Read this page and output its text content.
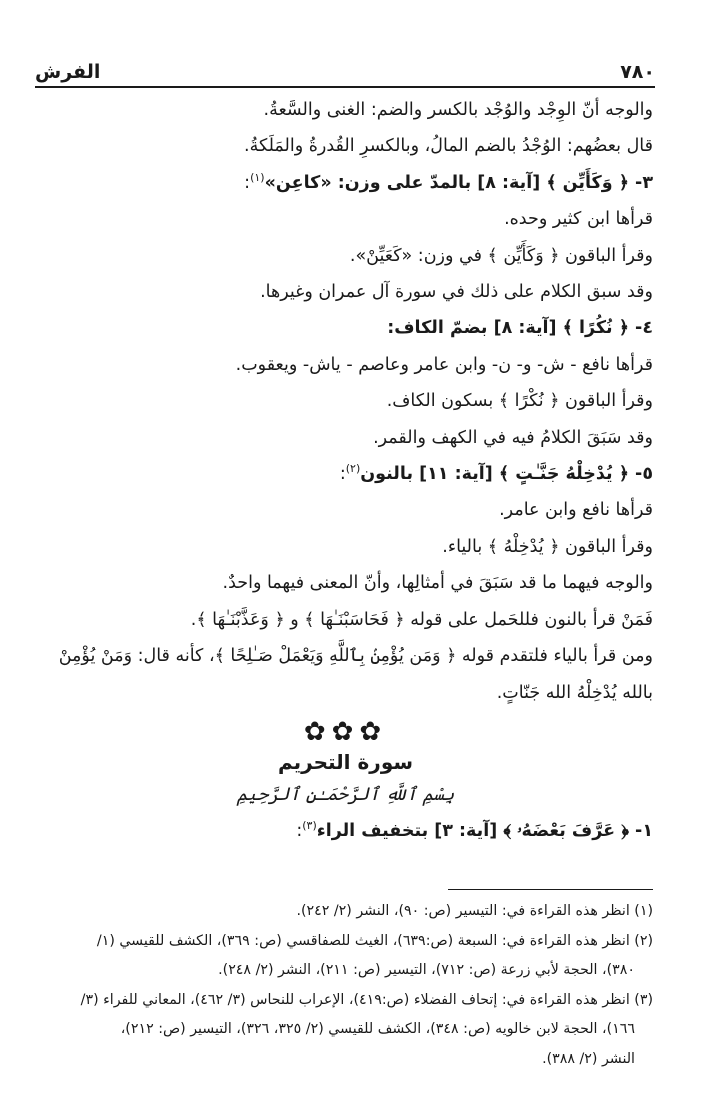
الفرش	٧٨٠

والوجه أنّ الوِجْد والوُجْد بالكسر والضم: الغنى والسَّعةُ.

قال بعضُهم: الوُجْدُ بالضم المالُ، وبالكسرِ القُدرةُ والمَلَكةُ.

٣- ﴿ وَكَأَيِّن ﴾ [آية: ٨] بالمدّ على وزن: «كاعِن»$^{(١)}$:

قرأها ابن كثير وحده.

وقرأ الباقون ﴿ وَكَأَيِّن ﴾ في وزن: «كَعَيِّنْ».

وقد سبق الكلام على ذلك في سورة آل عمران وغيرها.

٤- ﴿ نُكُرًا ﴾ [آية: ٨] بضمّ الكاف:

قرأها نافع - ش- و- ن- وابن عامر وعاصم - ياش- ويعقوب.

وقرأ الباقون ﴿ نُكْرًا ﴾ بسكون الكاف.

وقد سَبَقَ الكلامُ فيه في الكهف والقمر.

٥- ﴿ يُدْخِلْهُ جَنَّـٰتٍ ﴾ [آية: ١١] بالنون$^{(٢)}$:

قرأها نافع وابن عامر.

وقرأ الباقون ﴿ يُدْخِلْهُ ﴾ بالياء.

والوجه فيهما ما قد سَبَقَ في أمثالِها، وأنّ المعنى فيهما واحدٌ.

فَمَنْ قرأ بالنون فللحَمل على قوله ﴿ فَحَاسَبْنَـٰهَا ﴾ و ﴿ وَعَذَّبْنَـٰهَا ﴾.

ومن قرأ بالياء فلتقدم قوله ﴿ وَمَن يُؤْمِنۢ بِٱللَّهِ وَيَعْمَلْ صَـٰلِحًا ﴾، كأنه قال: وَمَنْ يُؤْمِنْ

بالله يُدْخِلْهُ الله جَنّاتٍ.

✿✿✿
سورة التحريم
بِسْمِ ٱللَّهِ ٱلرَّحْمَـٰنِ ٱلرَّحِيمِ

١- ﴿ عَرَّفَ بَعْضَهُۥ ﴾ [آية: ٣] بتخفيف الراء$^{(٣)}$:

(١) انظر هذه القراءة في: التيسير (ص: ٩٠)، النشر (٢/ ٢٤٢).

(٢) انظر هذه القراءة في: السبعة (ص:٦٣٩)، الغيث للصفاقسي (ص: ٣٦٩)، الكشف للقيسي (١/

٣٨٠)، الحجة لأبي زرعة (ص: ٧١٢)، التيسير (ص: ٢١١)، النشر (٢/ ٢٤٨).

(٣) انظر هذه القراءة في: إتحاف الفضلاء (ص:٤١٩)، الإعراب للنحاس (٣/ ٤٦٢)، المعاني للفراء (٣/

١٦٦)، الحجة لابن خالويه (ص: ٣٤٨)، الكشف للقيسي (٢/ ٣٢٥، ٣٢٦)، التيسير (ص: ٢١٢)،

النشر (٢/ ٣٨٨).
